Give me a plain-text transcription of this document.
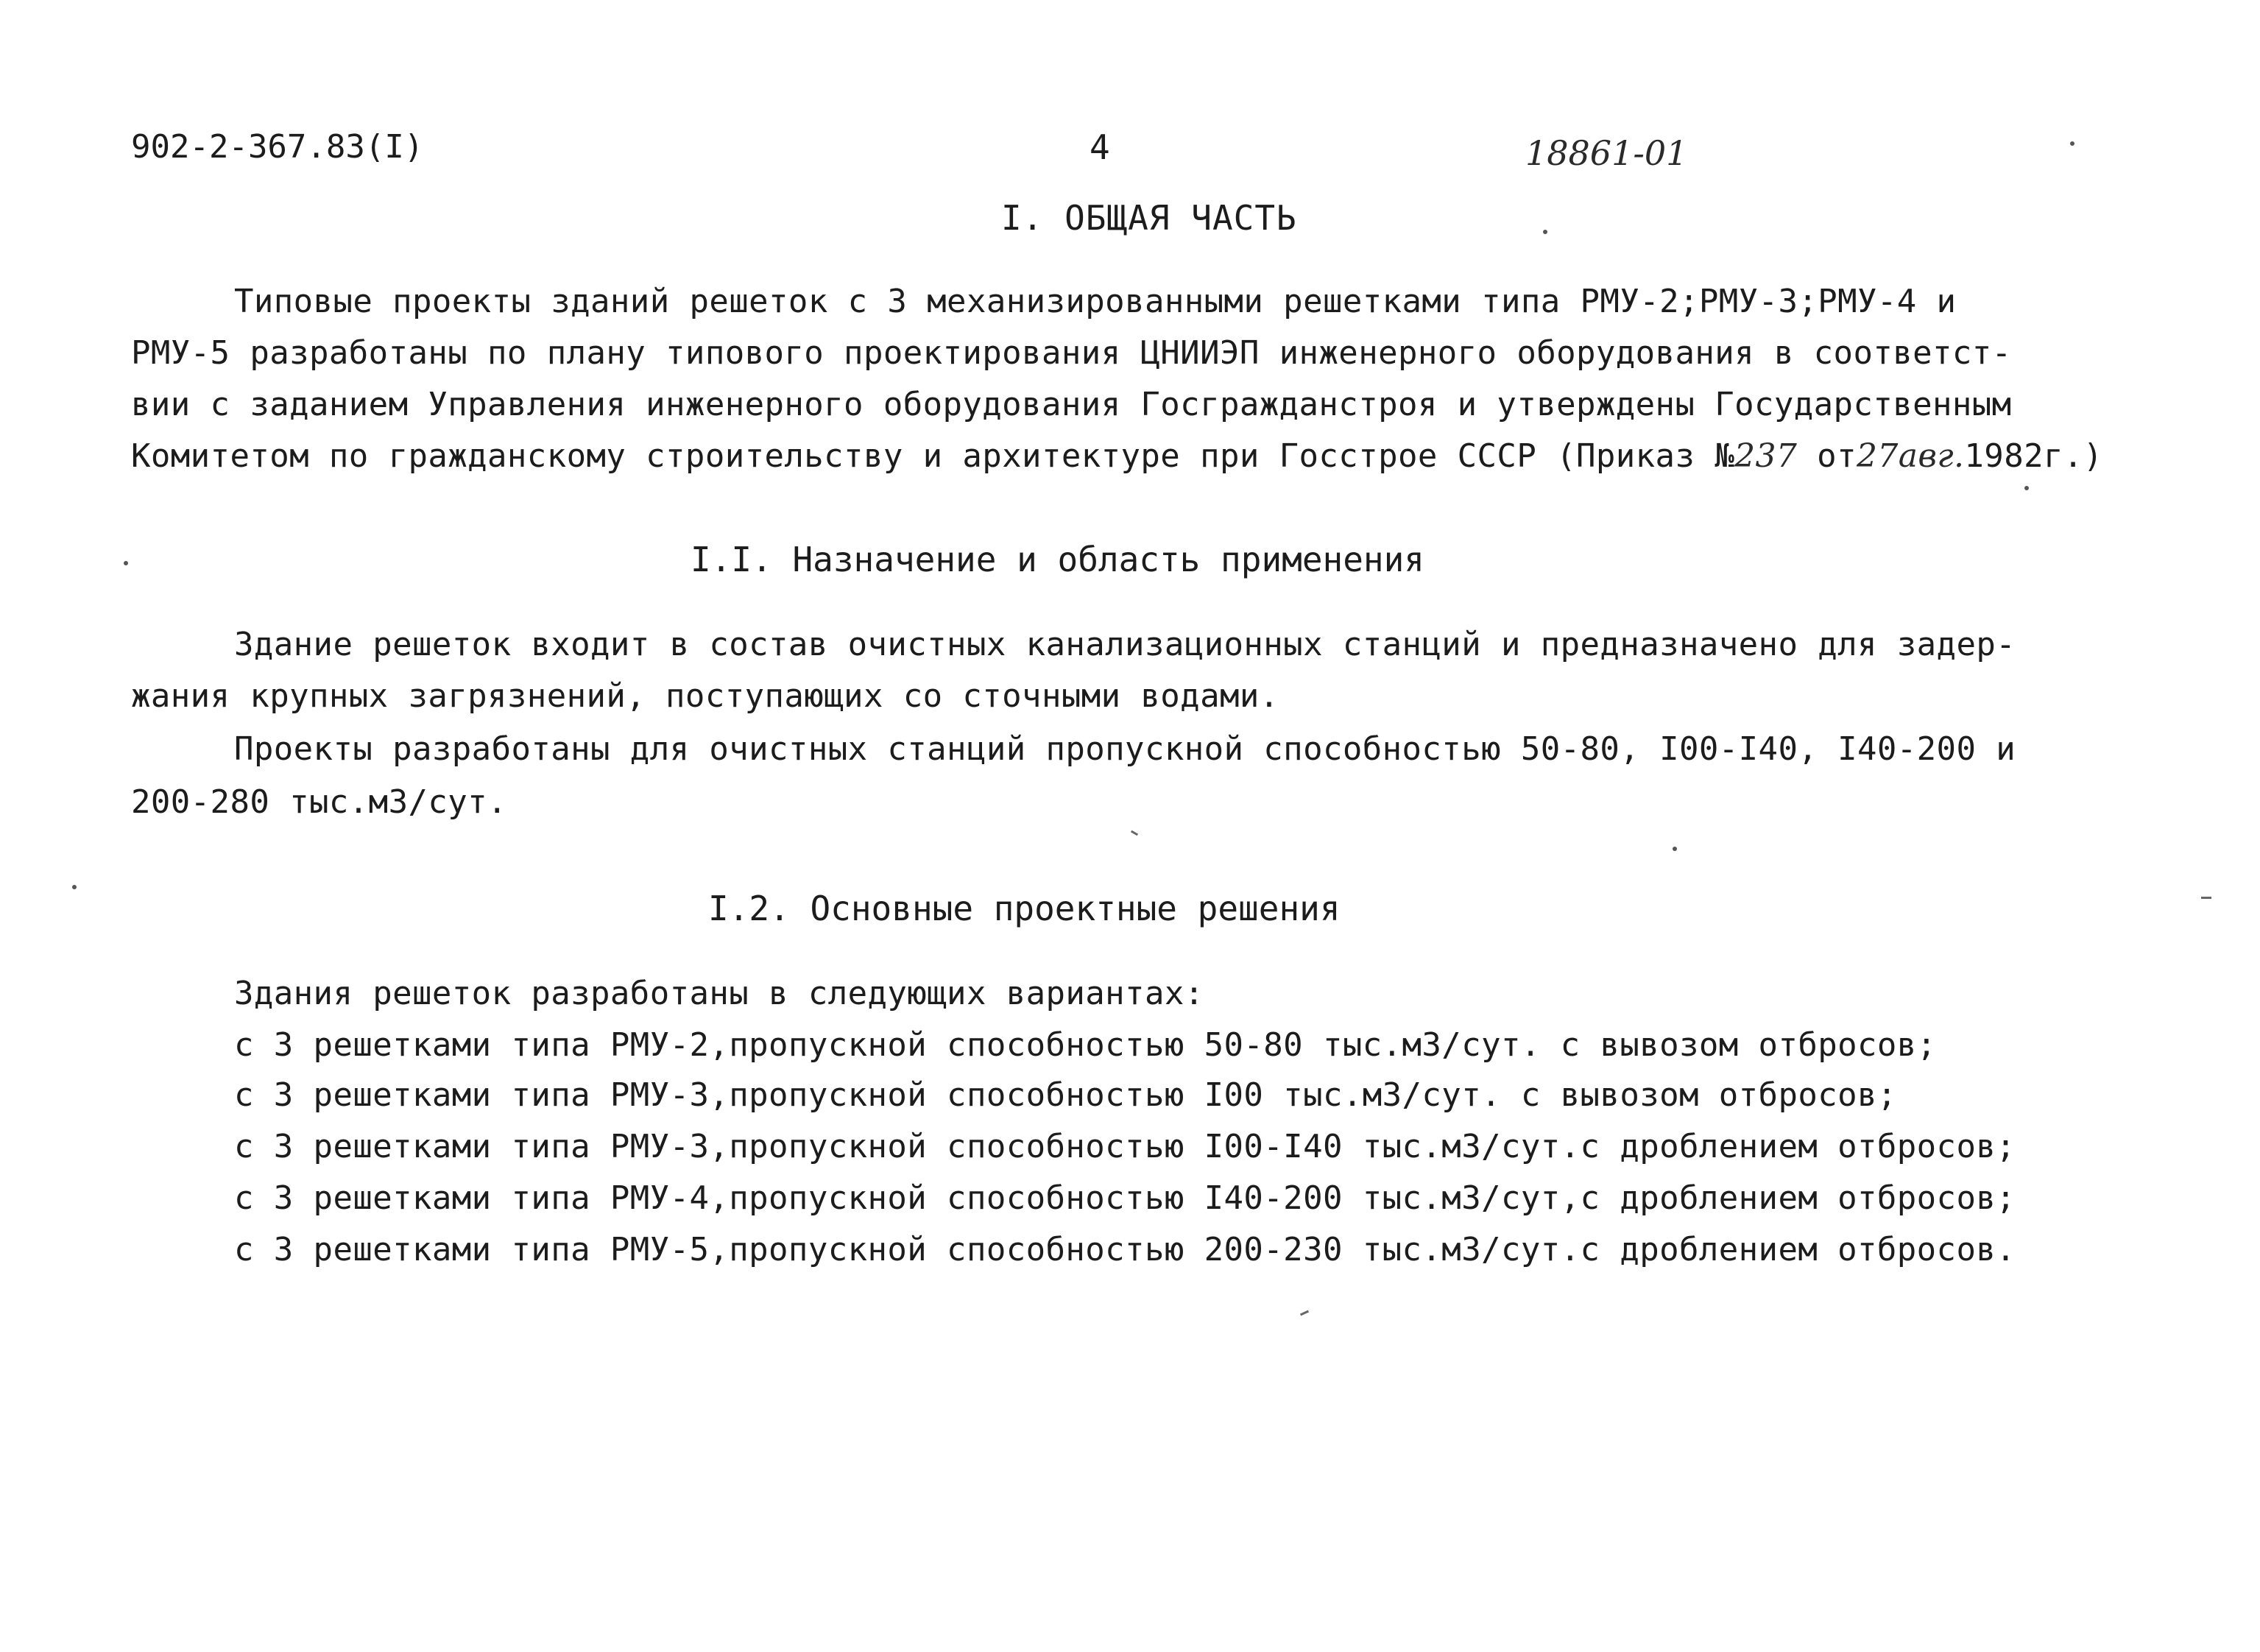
902-2-367.83(I)	4	18861-01
I. ОБЩАЯ ЧАСТЬ
Типовые проекты зданий решеток с 3 механизированными решетками типа РМУ-2;РМУ-3;РМУ-4 и
РМУ-5 разработаны по плану типового проектирования ЦНИИЭП инженерного оборудования в соответст-
вии с заданием Управления инженерного оборудования Госгражданстроя и утверждены Государственным
Комитетом по гражданскому строительству и архитектуре при Госстрое СССР (Приказ №237 от27авг.1982г.)
I.I. Назначение и область применения
Здание решеток входит в состав очистных канализационных станций и предназначено для задер-
жания крупных загрязнений, поступающих со сточными водами.
Проекты разработаны для очистных станций пропускной способностью 50-80, I00-I40, I40-200 и
200-280 тыс.м3/сут.
I.2. Основные проектные решения
Здания решеток разработаны в следующих вариантах:
с 3 решетками типа РМУ-2,пропускной способностью 50-80 тыс.м3/сут. с вывозом отбросов;
с 3 решетками типа РМУ-3,пропускной способностью I00 тыс.м3/сут. с вывозом отбросов;
с 3 решетками типа РМУ-3,пропускной способностью I00-I40 тыс.м3/сут.с дроблением отбросов;
с 3 решетками типа РМУ-4,пропускной способностью I40-200 тыс.м3/сут,с дроблением отбросов;
с 3 решетками типа РМУ-5,пропускной способностью 200-230 тыс.м3/сут.с дроблением отбросов.
